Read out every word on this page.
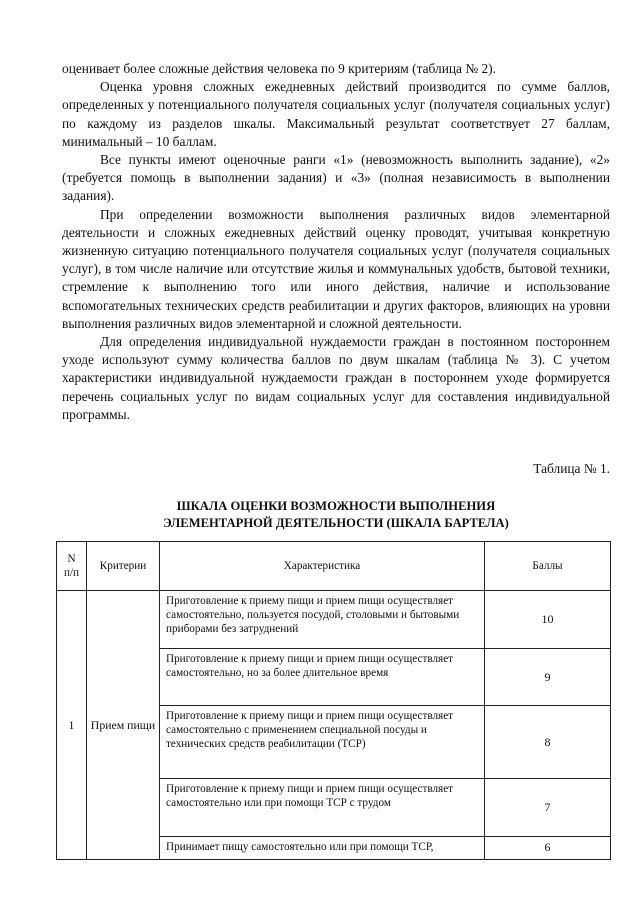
оценивает более сложные действия человека по 9 критериям (таблица № 2).

Оценка уровня сложных ежедневных действий производится по сумме баллов, определенных у потенциального получателя социальных услуг (получателя социальных услуг) по каждому из разделов шкалы. Максимальный результат соответствует 27 баллам, минимальный – 10 баллам.

Все пункты имеют оценочные ранги «1» (невозможность выполнить задание), «2» (требуется помощь в выполнении задания) и «3» (полная независимость в выполнении задания).

При определении возможности выполнения различных видов элементарной деятельности и сложных ежедневных действий оценку проводят, учитывая конкретную жизненную ситуацию потенциального получателя социальных услуг (получателя социальных услуг), в том числе наличие или отсутствие жилья и коммунальных удобств, бытовой техники, стремление к выполнению того или иного действия, наличие и использование вспомогательных технических средств реабилитации и других факторов, влияющих на уровни выполнения различных видов элементарной и сложной деятельности.

Для определения индивидуальной нуждаемости граждан в постоянном постороннем уходе используют сумму количества баллов по двум шкалам (таблица № 3). С учетом характеристики индивидуальной нуждаемости граждан в постороннем уходе формируется перечень социальных услуг по видам социальных услуг для составления индивидуальной программы.

Таблица № 1.
ШКАЛА ОЦЕНКИ ВОЗМОЖНОСТИ ВЫПОЛНЕНИЯ
ЭЛЕМЕНТАРНОЙ ДЕЯТЕЛЬНОСТИ (ШКАЛА БАРТЕЛА)
N
п/п	Критерии	Характеристика	Баллы
1	Прием пищи	Приготовление к приему пищи и прием пищи осуществляет самостоятельно, пользуется посудой, столовыми и бытовыми приборами без затруднений	10
		Приготовление к приему пищи и прием пищи осуществляет самостоятельно, но за более длительное время	9
		Приготовление к приему пищи и прием пищи осуществляет самостоятельно с применением специальной посуды и технических средств реабилитации (ТСР)	8
		Приготовление к приему пищи и прием пищи осуществляет самостоятельно или при помощи ТСР с трудом	7
		Принимает пищу самостоятельно или при помощи ТСР,	6
